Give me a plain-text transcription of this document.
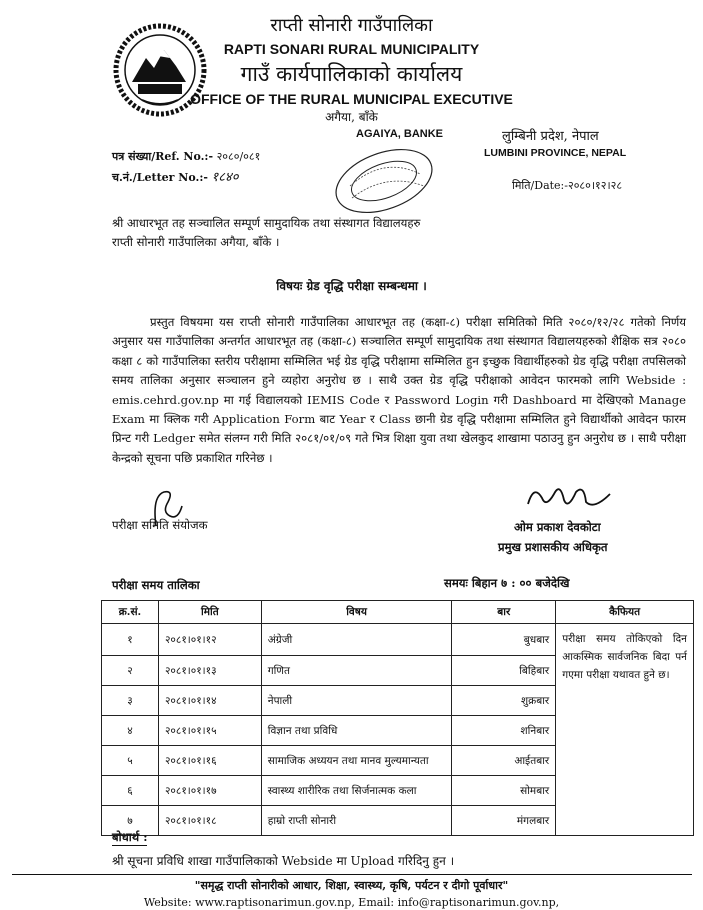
राप्ती सोनारी गाउँपालिका
RAPTI SONARI RURAL MUNICIPALITY
गाउँ कार्यपालिकाको कार्यालय
OFFICE OF THE RURAL MUNICIPAL EXECUTIVE
अगैया, बाँके
AGAIYA, BANKE	लुम्बिनी प्रदेश, नेपाल
LUMBINI PROVINCE, NEPAL
पत्र संख्या/Ref. No.:- २०८०/०८१
च.नं./Letter No.:- १८४०
मिति/Date:-२०८०।१२।२८
श्री आधारभूत तह सञ्चालित सम्पूर्ण सामुदायिक तथा संस्थागत विद्यालयहरु
राप्ती सोनारी गाउँपालिका अगैया, बाँके ।
विषयः ग्रेड वृद्धि परीक्षा सम्बन्धमा ।
प्रस्तुत विषयमा यस राप्ती सोनारी गाउँपालिका आधारभूत तह (कक्षा-८) परीक्षा समितिको मिति २०८०/१२/२८ गतेको निर्णय अनुसार यस गाउँपालिका अन्तर्गत आधारभूत तह (कक्षा-८) सञ्चालित सम्पूर्ण सामुदायिक तथा संस्थागत विद्यालयहरुको शैक्षिक सत्र २०८० कक्षा ८ को गाउँपालिका स्तरीय परीक्षामा सम्मिलित भई ग्रेड वृद्धि परीक्षामा सम्मिलित हुन इच्छुक विद्यार्थीहरुको ग्रेड वृद्धि परीक्षा तपसिलको समय तालिका अनुसार सञ्चालन हुने व्यहोरा अनुरोध छ । साथै उक्त ग्रेड वृद्धि परीक्षाको आवेदन फारमको लागि Webside : emis.cehrd.gov.np मा गई विद्यालयको IEMIS Code र Password Login गरी Dashboard मा देखिएको Manage Exam मा क्लिक गरी Application Form बाट Year र Class छानी ग्रेड वृद्धि परीक्षामा सम्मिलित हुने विद्यार्थीको आवेदन फारम प्रिन्ट गरी Ledger समेत संलग्न गरी मिति २०८१/०१/०९ गते भित्र शिक्षा युवा तथा खेलकुद शाखामा पठाउनु हुन अनुरोध छ । साथै परीक्षा केन्द्रको सूचना पछि प्रकाशित गरिनेछ ।
परीक्षा समिति संयोजक	ओम प्रकाश देवकोटा
प्रमुख प्रशासकीय अधिकृत
परीक्षा समय तालिका	समयः बिहान ७ : ०० बजेदेखि
क्र.सं.	मिति	विषय	बार	कैफियत
१	२०८१।०१।१२	अंग्रेजी	बुधबार	परीक्षा समय तोकिएको दिन आकस्मिक सार्वजनिक बिदा पर्न गएमा परीक्षा यथावत हुने छ।
२	२०८१।०१।१३	गणित	बिहिबार	
३	२०८१।०१।१४	नेपाली	शुक्रबार	
४	२०८१।०१।१५	विज्ञान तथा प्रविधि	शनिबार	
५	२०८१।०१।१६	सामाजिक अध्ययन तथा मानव मुल्यमान्यता	आईतबार	
६	२०८१।०१।१७	स्वास्थ्य शारीरिक तथा सिर्जनात्मक कला	सोमबार	
७	२०८१।०१।१८	हाम्रो राप्ती सोनारी	मंगलबार	
बोधार्थ :
श्री सूचना प्रविधि शाखा गाउँपालिकाको Webside मा Upload गरिदिनु हुन ।
"समृद्ध राप्ती सोनारीको आधार, शिक्षा, स्वास्थ्य, कृषि, पर्यटन र दीगो पूर्वाधार"
Website: www.raptisonarimun.gov.np, Email: info@raptisonarimun.gov.np,
